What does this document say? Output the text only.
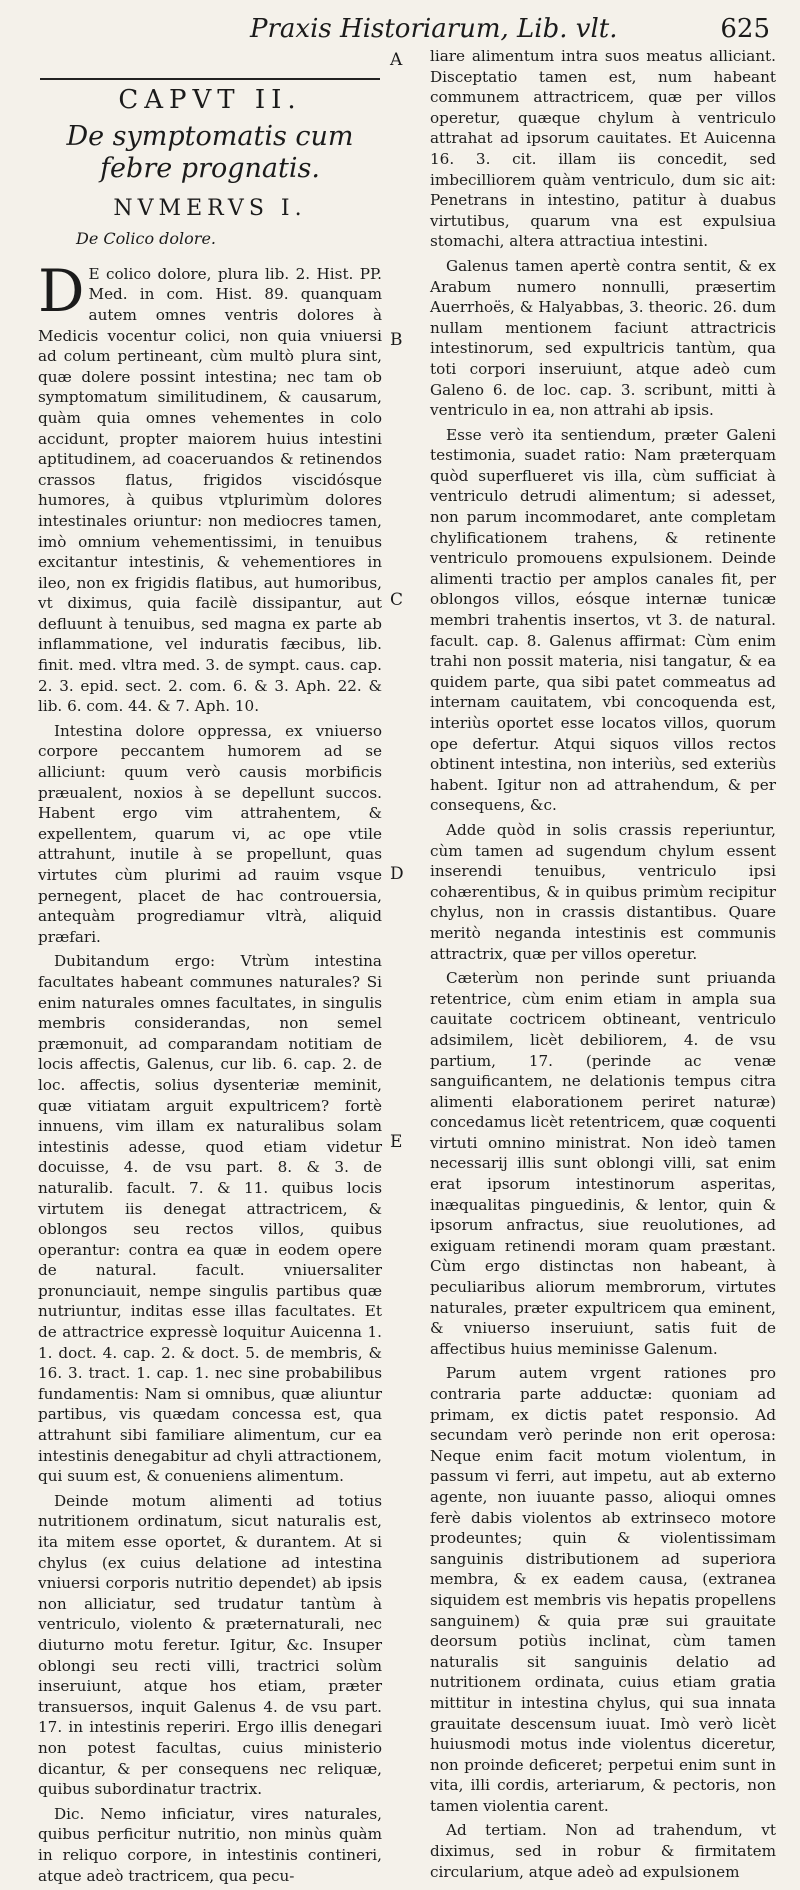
Praxis Historiarum, Lib. vlt.	625
CAPVT II.
De symptomatis cum febre prognatis.
NVMERVS I.
De Colico dolore.

D E colico dolore, plura lib. 2. Hist. PP. Med. in com. Hist. 89. quanquam autem omnes ventris dolores à Medicis vocentur colici, non quia vniuersi ad colum pertineant, cùm multò plura sint, quæ dolere possint intestina; nec tam ob symptomatum similitudinem, & causarum, quàm quia omnes vehementes in colo accidunt, propter maiorem huius intestini aptitudinem, ad coaceruandos & retinendos crassos flatus, frigidos viscidósque humores, à quibus vtplurimùm dolores intestinales oriuntur: non mediocres tamen, imò omnium vehementissimi, in tenuibus excitantur intestinis, & vehementiores in ileo, non ex frigidis flatibus, aut humoribus, vt diximus, quia facilè dissipantur, aut defluunt à tenuibus, sed magna ex parte ab inflammatione, vel induratis fæcibus, lib. finit. med. vltra med. 3. de sympt. caus. cap. 2. 3. epid. sect. 2. com. 6. & 3. Aph. 22. & lib. 6. com. 44. & 7. Aph. 10.

Intestina dolore oppressa, ex vniuerso corpore peccantem humorem ad se alliciunt: quum verò causis morbificis præualent, noxios à se depellunt succos. Habent ergo vim attrahentem, & expellentem, quarum vi, ac ope vtile attrahunt, inutile à se propellunt, quas virtutes cùm plurimi ad rauim vsque pernegent, placet de hac controuersia, antequàm progrediamur vltrà, aliquid præfari.

Dubitandum ergo: Vtrùm intestina facultates habeant communes naturales? Si enim naturales omnes facultates, in singulis membris considerandas, non semel præmonuit, ad comparandam notitiam de locis affectis, Galenus, cur lib. 6. cap. 2. de loc. affectis, solius dysenteriæ meminit, quæ vitiatam arguit expultricem? fortè innuens, vim illam ex naturalibus solam intestinis adesse, quod etiam videtur docuisse, 4. de vsu part. 8. & 3. de naturalib. facult. 7. & 11. quibus locis virtutem iis denegat attractricem, & oblongos seu rectos villos, quibus operantur: contra ea quæ in eodem opere de natural. facult. vniuersaliter pronunciauit, nempe singulis partibus quæ nutriuntur, inditas esse illas facultates. Et de attractrice expressè loquitur Auicenna 1. 1. doct. 4. cap. 2. & doct. 5. de membris, & 16. 3. tract. 1. cap. 1. nec sine probabilibus fundamentis: Nam si omnibus, quæ aliuntur partibus, vis quædam concessa est, qua attrahunt sibi familiare alimentum, cur ea intestinis denegabitur ad chyli attractionem, qui suum est, & conueniens alimentum.

Deinde motum alimenti ad totius nutritionem ordinatum, sicut naturalis est, ita mitem esse oportet, & durantem. At si chylus (ex cuius delatione ad intestina vniuersi corporis nutritio dependet) ab ipsis non alliciatur, sed trudatur tantùm à ventriculo, violento & præternaturali, nec diuturno motu feretur. Igitur, &c. Insuper oblongi seu recti villi, tractrici solùm inseruiunt, atque hos etiam, præter transuersos, inquit Galenus 4. de vsu part. 17. in intestinis reperiri. Ergo illis denegari non potest facultas, cuius ministerio dicantur, & per consequens nec reliquæ, quibus subordinatur tractrix.

Dic. Nemo inficiatur, vires naturales, quibus perficitur nutritio, non minùs quàm in reliquo corpore, in intestinis contineri, atque adeò tractricem, qua pecu-

A
B
C
D
E

liare alimentum intra suos meatus alliciant. Disceptatio tamen est, num habeant communem attractricem, quæ per villos operetur, quæque chylum à ventriculo attrahat ad ipsorum cauitates. Et Auicenna 16. 3. cit. illam iis concedit, sed imbecilliorem quàm ventriculo, dum sic ait: Penetrans in intestino, patitur à duabus virtutibus, quarum vna est expulsiua stomachi, altera attractiua intestini.

Galenus tamen apertè contra sentit, & ex Arabum numero nonnulli, præsertim Auerrhoës, & Halyabbas, 3. theoric. 26. dum nullam mentionem faciunt attractricis intestinorum, sed expultricis tantùm, qua toti corpori inseruiunt, atque adeò cum Galeno 6. de loc. cap. 3. scribunt, mitti à ventriculo in ea, non attrahi ab ipsis.

Esse verò ita sentiendum, præter Galeni testimonia, suadet ratio: Nam præterquam quòd superflueret vis illa, cùm sufficiat à ventriculo detrudi alimentum; si adesset, non parum incommodaret, ante completam chylificationem trahens, & retinente ventriculo promouens expulsionem. Deinde alimenti tractio per amplos canales fit, per oblongos villos, eósque internæ tunicæ membri trahentis insertos, vt 3. de natural. facult. cap. 8. Galenus affirmat: Cùm enim trahi non possit materia, nisi tangatur, & ea quidem parte, qua sibi patet commeatus ad internam cauitatem, vbi concoquenda est, interiùs oportet esse locatos villos, quorum ope defertur. Atqui siquos villos rectos obtinent intestina, non interiùs, sed exteriùs habent. Igitur non ad attrahendum, & per consequens, &c.

Adde quòd in solis crassis reperiuntur, cùm tamen ad sugendum chylum essent inserendi tenuibus, ventriculo ipsi cohærentibus, & in quibus primùm recipitur chylus, non in crassis distantibus. Quare meritò neganda intestinis est communis attractrix, quæ per villos operetur.

Cæterùm non perinde sunt priuanda retentrice, cùm enim etiam in ampla sua cauitate coctricem obtineant, ventriculo adsimilem, licèt debiliorem, 4. de vsu partium, 17. (perinde ac venæ sanguificantem, ne delationis tempus citra alimenti elaborationem periret naturæ) concedamus licèt retentricem, quæ coquenti virtuti omnino ministrat. Non ideò tamen necessarij illis sunt oblongi villi, sat enim erat ipsorum intestinorum asperitas, inæqualitas pinguedinis, & lentor, quin & ipsorum anfractus, siue reuolutiones, ad exiguam retinendi moram quam præstant. Cùm ergo distinctas non habeant, à peculiaribus aliorum membrorum, virtutes naturales, præter expultricem qua eminent, & vniuerso inseruiunt, satis fuit de affectibus huius meminisse Galenum.

Parum autem vrgent rationes pro contraria parte adductæ: quoniam ad primam, ex dictis patet responsio. Ad secundam verò perinde non erit operosa: Neque enim facit motum violentum, in passum vi ferri, aut impetu, aut ab externo agente, non iuuante passo, alioqui omnes ferè dabis violentos ab extrinseco motore prodeuntes; quin & violentissimam sanguinis distributionem ad superiora membra, & ex eadem causa, (extranea siquidem est membris vis hepatis propellens sanguinem) & quia præ sui grauitate deorsum potiùs inclinat, cùm tamen naturalis sit sanguinis delatio ad nutritionem ordinata, cuius etiam gratia mittitur in intestina chylus, qui sua innata grauitate descensum iuuat. Imò verò licèt huiusmodi motus inde violentus diceretur, non proinde deficeret; perpetui enim sunt in vita, illi cordis, arteriarum, & pectoris, non tamen violentia carent.

Ad tertiam. Non ad trahendum, vt diximus, sed in robur & firmitatem circularium, atque adeò ad expulsionem
